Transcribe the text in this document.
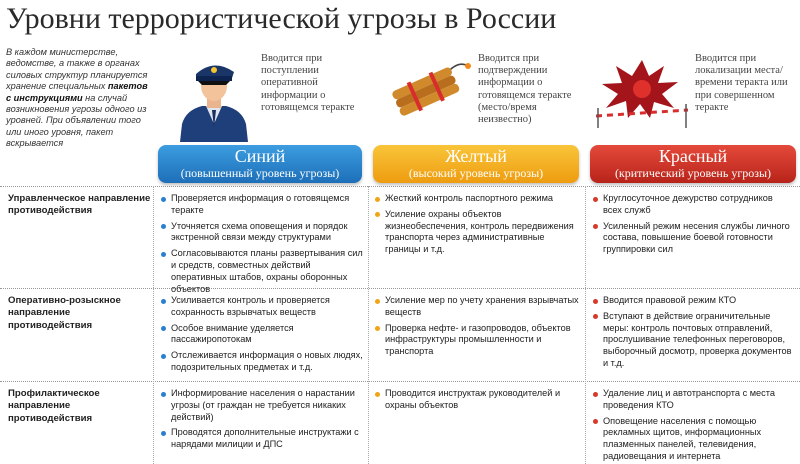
Уровни террористической угрозы в России
В каждом министерстве, ведомстве, а также в органах силовых структур планируется хранение специальных пакетов с инструкциями на случай возникновения угрозы одного из уровней. При объявлении того или иного уровня, пакет вскрывается
Вводится при поступлении оперативной информации о готовящемся теракте
Вводится при подтверждении информации о готовящемся теракте (место/время неизвестно)
Вводится при локализации места/времени теракта или при совершенном теракте
Синий
(повышенный уровень угрозы)
Желтый
(высокий уровень угрозы)
Красный
(критический уровень угрозы)
Управленческое направление противодействия
Проверяется информация о готовящемся теракте
Уточняется схема оповещения и порядок экстренной связи между структурами
Согласовываются планы развертывания сил и средств, совместных действий оперативных штабов, охраны оборонных объектов
Жесткий контроль паспортного режима
Усиление охраны объектов жизнеобеспечения, контроль передвижения транспорта через административные границы и т.д.
Круглосуточное дежурство сотрудников всех служб
Усиленный режим несения службы личного состава, повышение боевой готовности группировки сил
Оперативно-розыскное направление противодействия
Усиливается контроль и проверяется сохранность взрывчатых веществ
Особое внимание уделяется пассажиропотокам
Отслеживается информация о новых людях, подозрительных предметах и т.д.
Усиление мер по учету хранения взрывчатых веществ
Проверка нефте- и газопроводов, объектов инфраструктуры промышленности и транспорта
Вводится правовой режим КТО
Вступают в действие ограничительные меры: контроль почтовых отправлений, прослушивание телефонных переговоров, выборочный досмотр, проверка документов и т.д.
Профилактическое направление противодействия
Информирование населения о нарастании угрозы (от граждан не требуется никаких действий)
Проводятся дополнительные инструктажи с нарядами милиции и ДПС
Проводится инструктаж руководителей и охраны объектов
Удаление лиц и автотранспорта с места проведения КТО
Оповещение населения с помощью рекламных щитов, информационных плазменных панелей, телевидения, радиовещания и интернета
